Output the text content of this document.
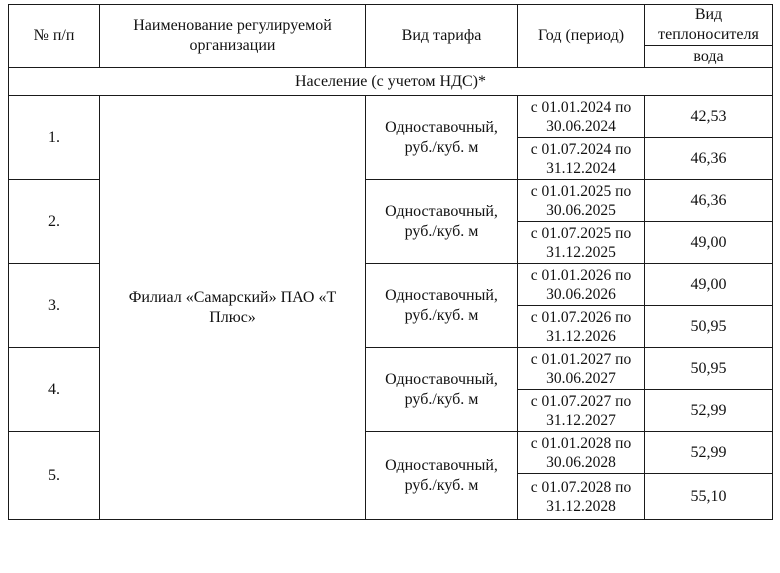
№ п/п	Наименование регулируемой организации	Вид тарифа	Год (период)	Вид теплоносителя
				вода
Население (с учетом НДС)*				
1.	Филиал «Самарский» ПАО «Т Плюс»	Одноставочный, руб./куб. м	с 01.01.2024 по 30.06.2024	42,53
			с 01.07.2024 по 31.12.2024	46,36
2.		Одноставочный, руб./куб. м	с 01.01.2025 по 30.06.2025	46,36
			с 01.07.2025 по 31.12.2025	49,00
3.		Одноставочный, руб./куб. м	с 01.01.2026 по 30.06.2026	49,00
			с 01.07.2026 по 31.12.2026	50,95
4.		Одноставочный, руб./куб. м	с 01.01.2027 по 30.06.2027	50,95
			с 01.07.2027 по 31.12.2027	52,99
5.		Одноставочный, руб./куб. м	с 01.01.2028 по 30.06.2028	52,99
			с 01.07.2028 по 31.12.2028	55,10
